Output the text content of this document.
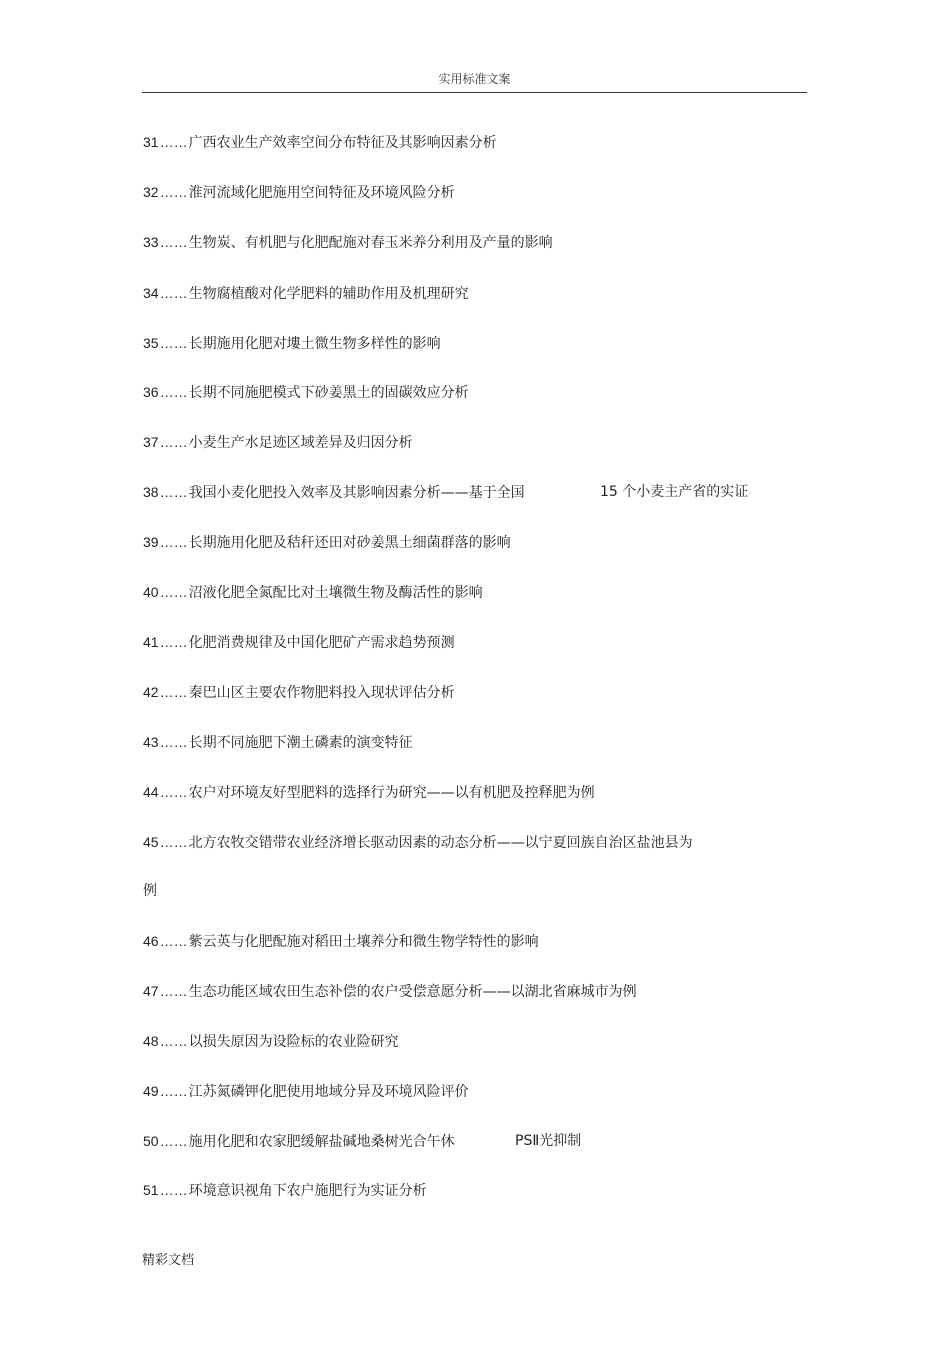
实用标准文案
31……广西农业生产效率空间分布特征及其影响因素分析
32……淮河流域化肥施用空间特征及环境风险分析
33……生物炭、有机肥与化肥配施对春玉米养分利用及产量的影响
34……生物腐植酸对化学肥料的辅助作用及机理研究
35……长期施用化肥对塿土微生物多样性的影响
36……长期不同施肥模式下砂姜黑土的固碳效应分析
37……小麦生产水足迹区域差异及归因分析
38……我国小麦化肥投入效率及其影响因素分析——基于全国	15 个小麦主产省的实证
39……长期施用化肥及秸秆还田对砂姜黑土细菌群落的影响
40……沼液化肥全氮配比对土壤微生物及酶活性的影响
41……化肥消费规律及中国化肥矿产需求趋势预测
42……秦巴山区主要农作物肥料投入现状评估分析
43……长期不同施肥下潮土磷素的演变特征
44……农户对环境友好型肥料的选择行为研究——以有机肥及控释肥为例
45……北方农牧交错带农业经济增长驱动因素的动态分析——以宁夏回族自治区盐池县为
例
46……紫云英与化肥配施对稻田土壤养分和微生物学特性的影响
47……生态功能区域农田生态补偿的农户受偿意愿分析——以湖北省麻城市为例
48……以损失原因为设险标的农业险研究
49……江苏氮磷钾化肥使用地域分异及环境风险评价
50……施用化肥和农家肥缓解盐碱地桑树光合午休	PSⅡ光抑制
51……环境意识视角下农户施肥行为实证分析
精彩文档
